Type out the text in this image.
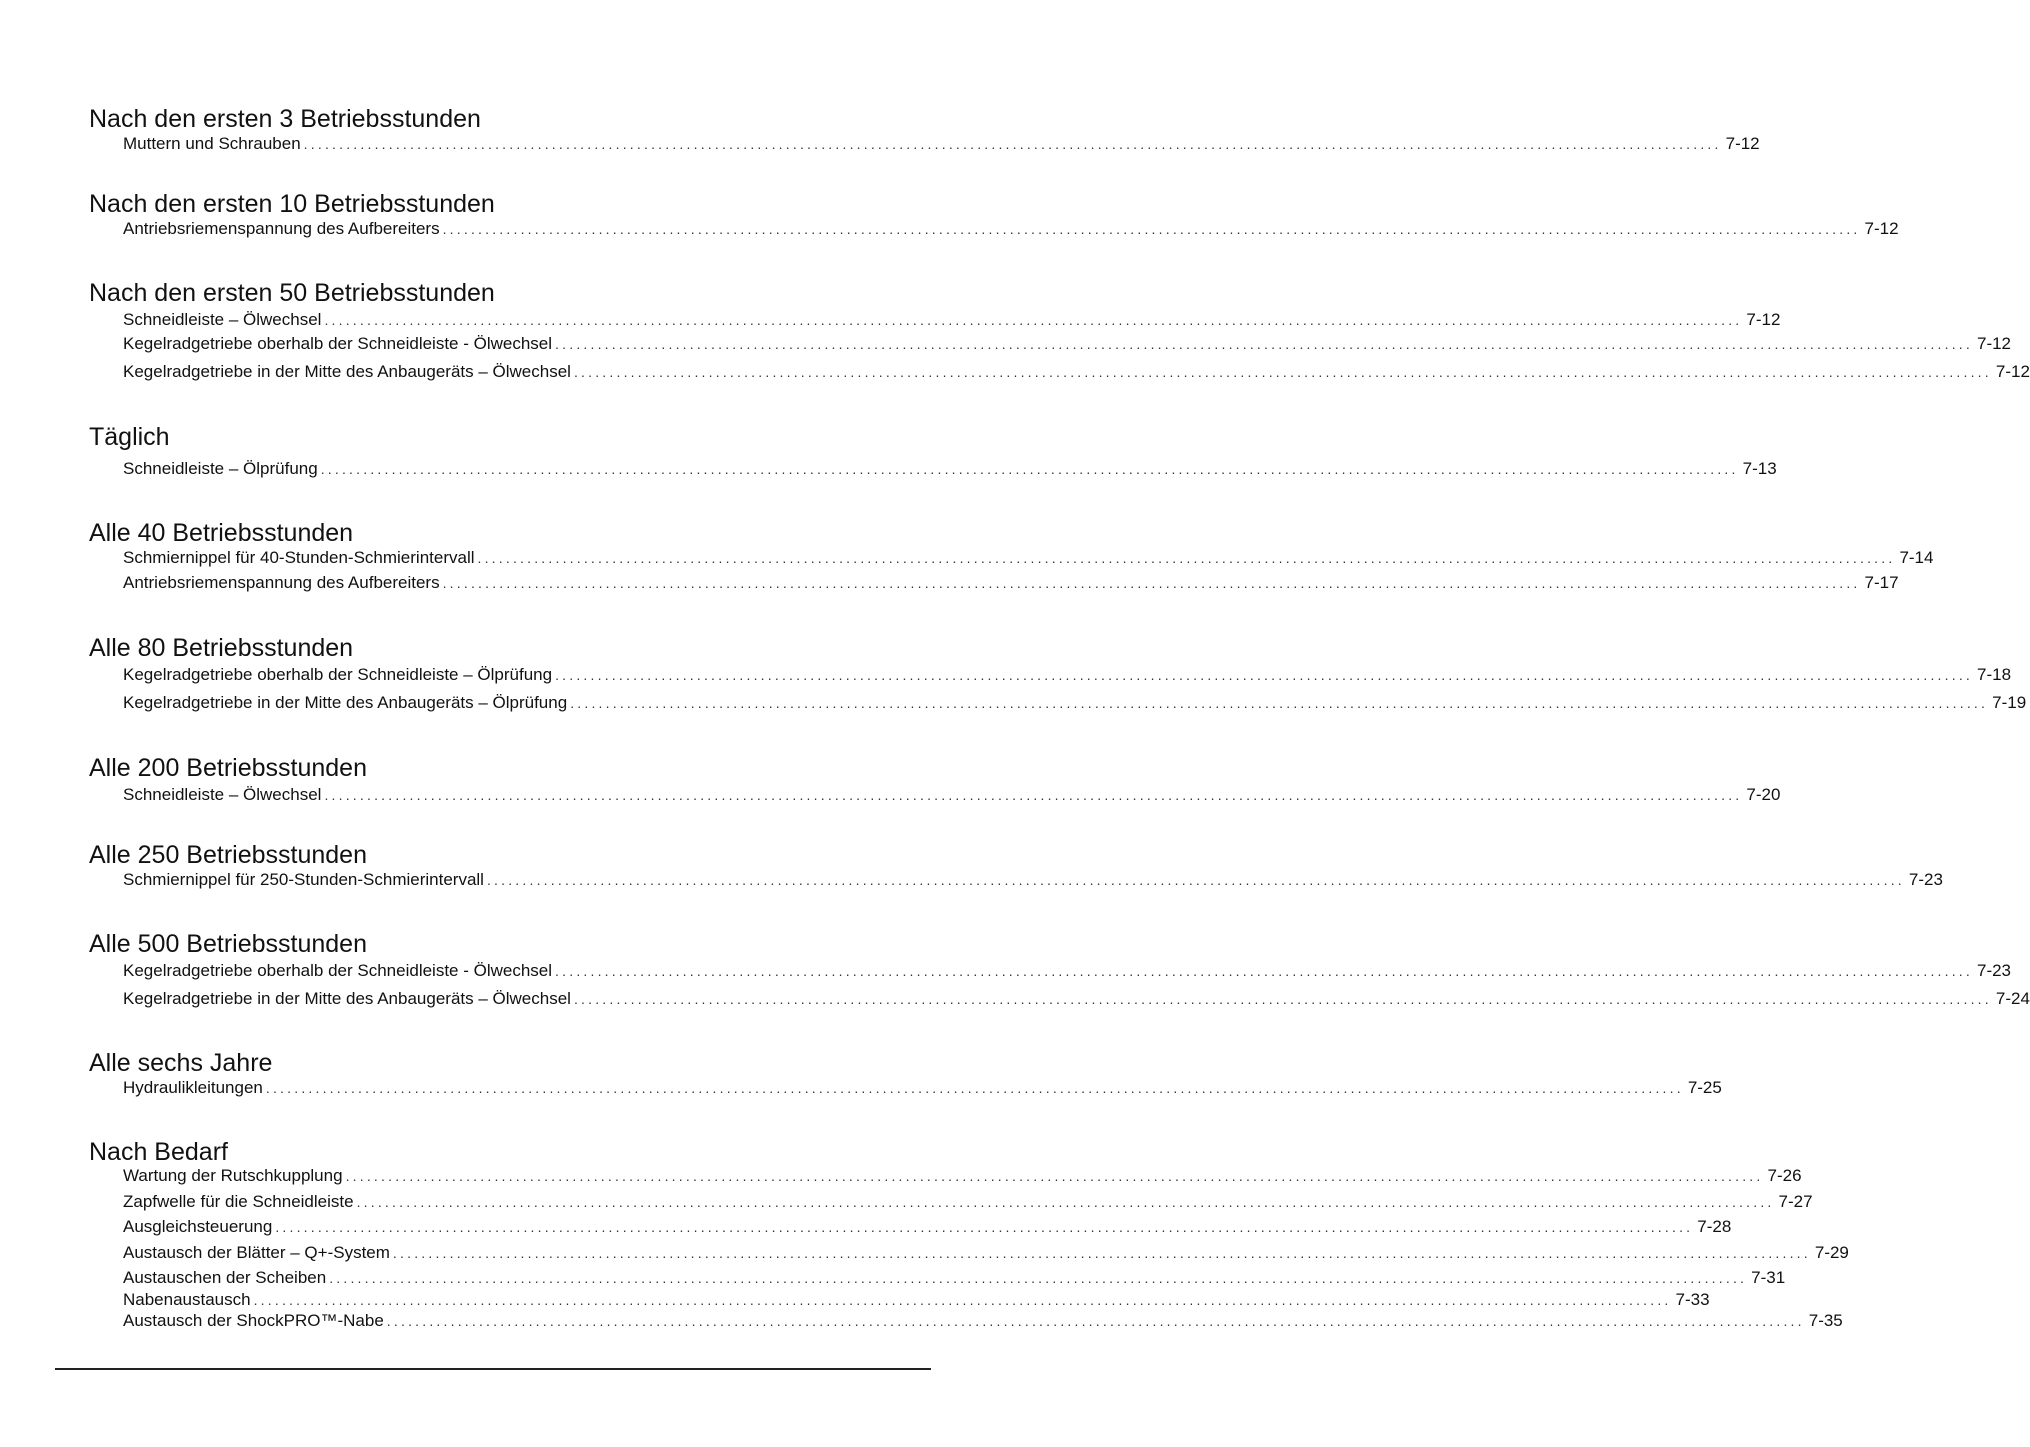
Nach den ersten 3 Betriebsstunden
Muttern und Schrauben ........................................................................................................................................................................................................ 7-12
Nach den ersten 10 Betriebsstunden
Antriebsriemenspannung des Aufbereiters ........................................................................................................................................................................................................ 7-12
Nach den ersten 50 Betriebsstunden
Schneidleiste – Ölwechsel ........................................................................................................................................................................................................ 7-12
Kegelradgetriebe oberhalb der Schneidleiste - Ölwechsel ........................................................................................................................................................................................................ 7-12
Kegelradgetriebe in der Mitte des Anbaugeräts – Ölwechsel ........................................................................................................................................................................................................ 7-12
Täglich
Schneidleiste – Ölprüfung ........................................................................................................................................................................................................ 7-13
Alle 40 Betriebsstunden
Schmiernippel für 40-Stunden-Schmierintervall ........................................................................................................................................................................................................ 7-14
Antriebsriemenspannung des Aufbereiters ........................................................................................................................................................................................................ 7-17
Alle 80 Betriebsstunden
Kegelradgetriebe oberhalb der Schneidleiste – Ölprüfung ........................................................................................................................................................................................................ 7-18
Kegelradgetriebe in der Mitte des Anbaugeräts – Ölprüfung ........................................................................................................................................................................................................ 7-19
Alle 200 Betriebsstunden
Schneidleiste – Ölwechsel ........................................................................................................................................................................................................ 7-20
Alle 250 Betriebsstunden
Schmiernippel für 250-Stunden-Schmierintervall ........................................................................................................................................................................................................ 7-23
Alle 500 Betriebsstunden
Kegelradgetriebe oberhalb der Schneidleiste - Ölwechsel ........................................................................................................................................................................................................ 7-23
Kegelradgetriebe in der Mitte des Anbaugeräts – Ölwechsel ........................................................................................................................................................................................................ 7-24
Alle sechs Jahre
Hydraulikleitungen ........................................................................................................................................................................................................ 7-25
Nach Bedarf
Wartung der Rutschkupplung ........................................................................................................................................................................................................ 7-26
Zapfwelle für die Schneidleiste ........................................................................................................................................................................................................ 7-27
Ausgleichsteuerung ........................................................................................................................................................................................................ 7-28
Austausch der Blätter – Q+-System ........................................................................................................................................................................................................ 7-29
Austauschen der Scheiben ........................................................................................................................................................................................................ 7-31
Nabenaustausch ........................................................................................................................................................................................................ 7-33
Austausch der ShockPRO™-Nabe ........................................................................................................................................................................................................ 7-35
